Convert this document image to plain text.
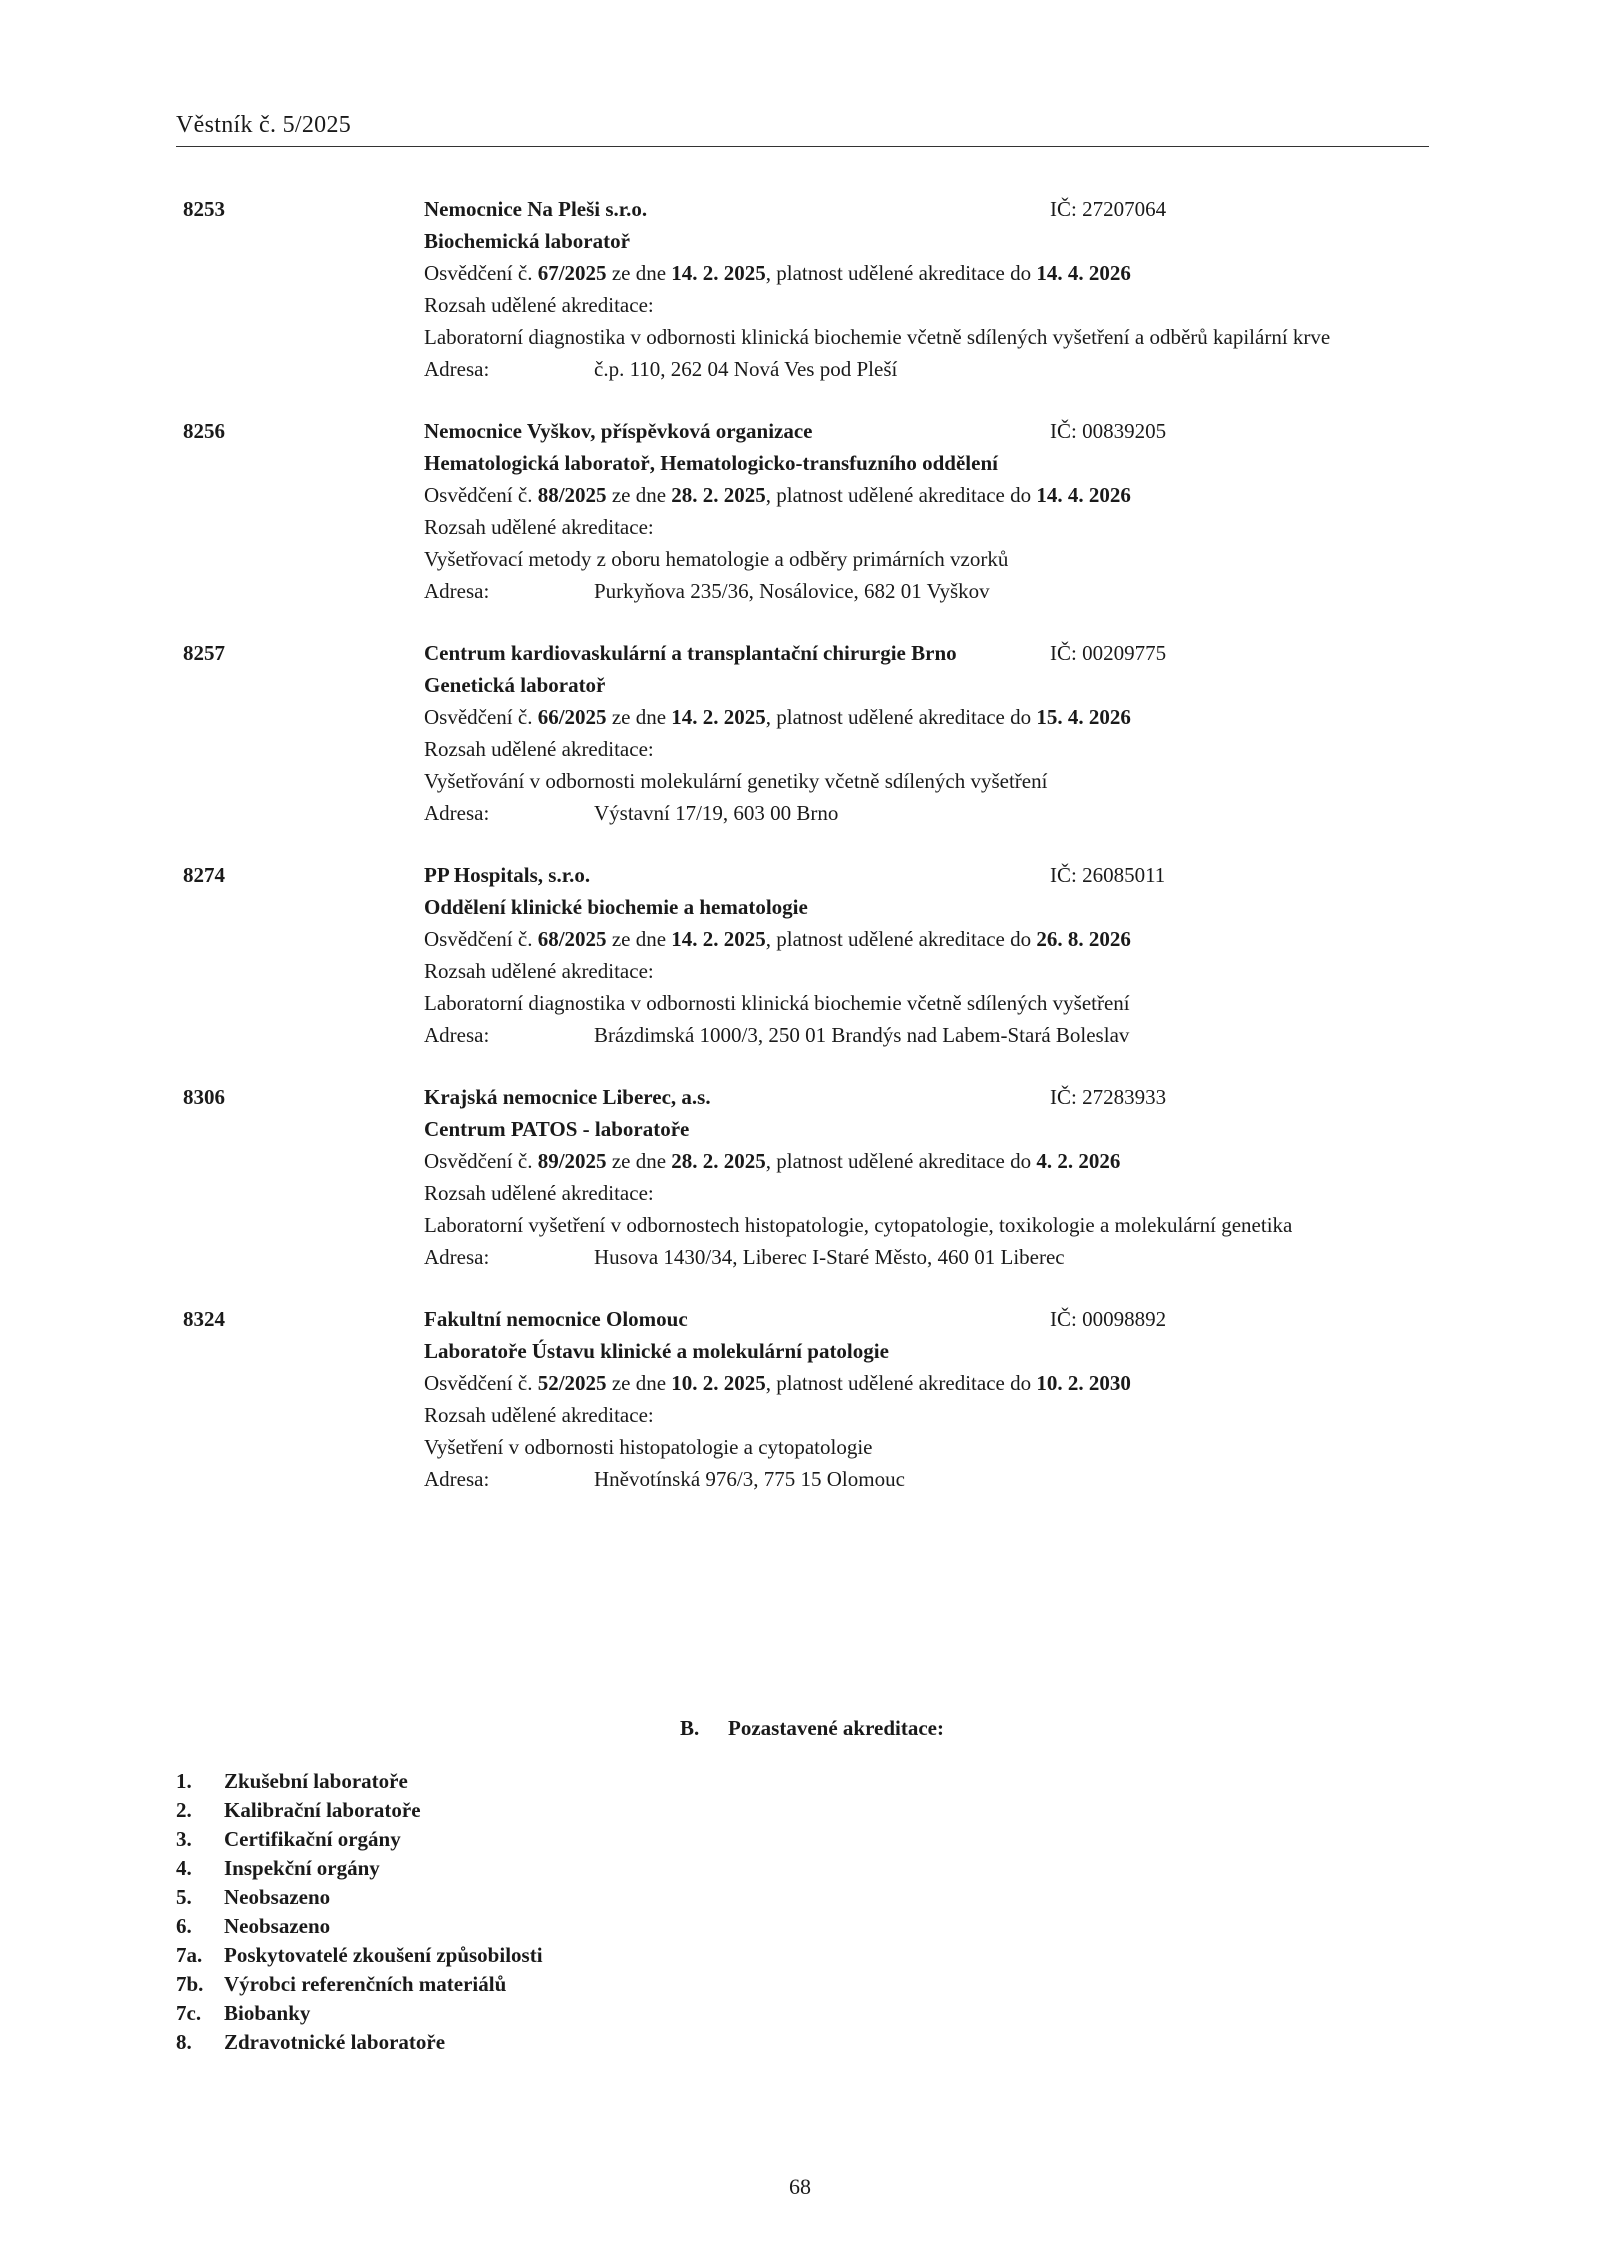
Věstník č. 5/2025
8253	Nemocnice Na Pleši s.r.o.	IČ: 27207064
Biochemická laboratoř
Osvědčení č. 67/2025 ze dne 14. 2. 2025, platnost udělené akreditace do 14. 4. 2026
Rozsah udělené akreditace:
Laboratorní diagnostika v odbornosti klinická biochemie včetně sdílených vyšetření a odběrů kapilární krve
Adresa:	č.p. 110, 262 04 Nová Ves pod Pleší
8256	Nemocnice Vyškov, příspěvková organizace	IČ: 00839205
Hematologická laboratoř, Hematologicko-transfuzního oddělení
Osvědčení č. 88/2025 ze dne 28. 2. 2025, platnost udělené akreditace do 14. 4. 2026
Rozsah udělené akreditace:
Vyšetřovací metody z oboru hematologie a odběry primárních vzorků
Adresa:	Purkyňova 235/36, Nosálovice, 682 01 Vyškov
8257	Centrum kardiovaskulární a transplantační chirurgie Brno	IČ: 00209775
Genetická laboratoř
Osvědčení č. 66/2025 ze dne 14. 2. 2025, platnost udělené akreditace do 15. 4. 2026
Rozsah udělené akreditace:
Vyšetřování v odbornosti molekulární genetiky včetně sdílených vyšetření
Adresa:	Výstavní 17/19, 603 00 Brno
8274	PP Hospitals, s.r.o.	IČ: 26085011
Oddělení klinické biochemie a hematologie
Osvědčení č. 68/2025 ze dne 14. 2. 2025, platnost udělené akreditace do 26. 8. 2026
Rozsah udělené akreditace:
Laboratorní diagnostika v odbornosti klinická biochemie včetně sdílených vyšetření
Adresa:	Brázdimská 1000/3, 250 01 Brandýs nad Labem-Stará Boleslav
8306	Krajská nemocnice Liberec, a.s.	IČ: 27283933
Centrum PATOS - laboratoře
Osvědčení č. 89/2025 ze dne 28. 2. 2025, platnost udělené akreditace do 4. 2. 2026
Rozsah udělené akreditace:
Laboratorní vyšetření v odbornostech histopatologie, cytopatologie, toxikologie a molekulární genetika
Adresa:	Husova 1430/34, Liberec I-Staré Město, 460 01 Liberec
8324	Fakultní nemocnice Olomouc	IČ: 00098892
Laboratoře Ústavu klinické a molekulární patologie
Osvědčení č. 52/2025 ze dne 10. 2. 2025, platnost udělené akreditace do 10. 2. 2030
Rozsah udělené akreditace:
Vyšetření v odbornosti histopatologie a cytopatologie
Adresa:	Hněvotínská 976/3, 775 15 Olomouc
B. Pozastavené akreditace:
1. Zkušební laboratoře
2. Kalibrační laboratoře
3. Certifikační orgány
4. Inspekční orgány
5. Neobsazeno
6. Neobsazeno
7a. Poskytovatelé zkoušení způsobilosti
7b. Výrobci referenčních materiálů
7c. Biobanky
8. Zdravotnické laboratoře
68
